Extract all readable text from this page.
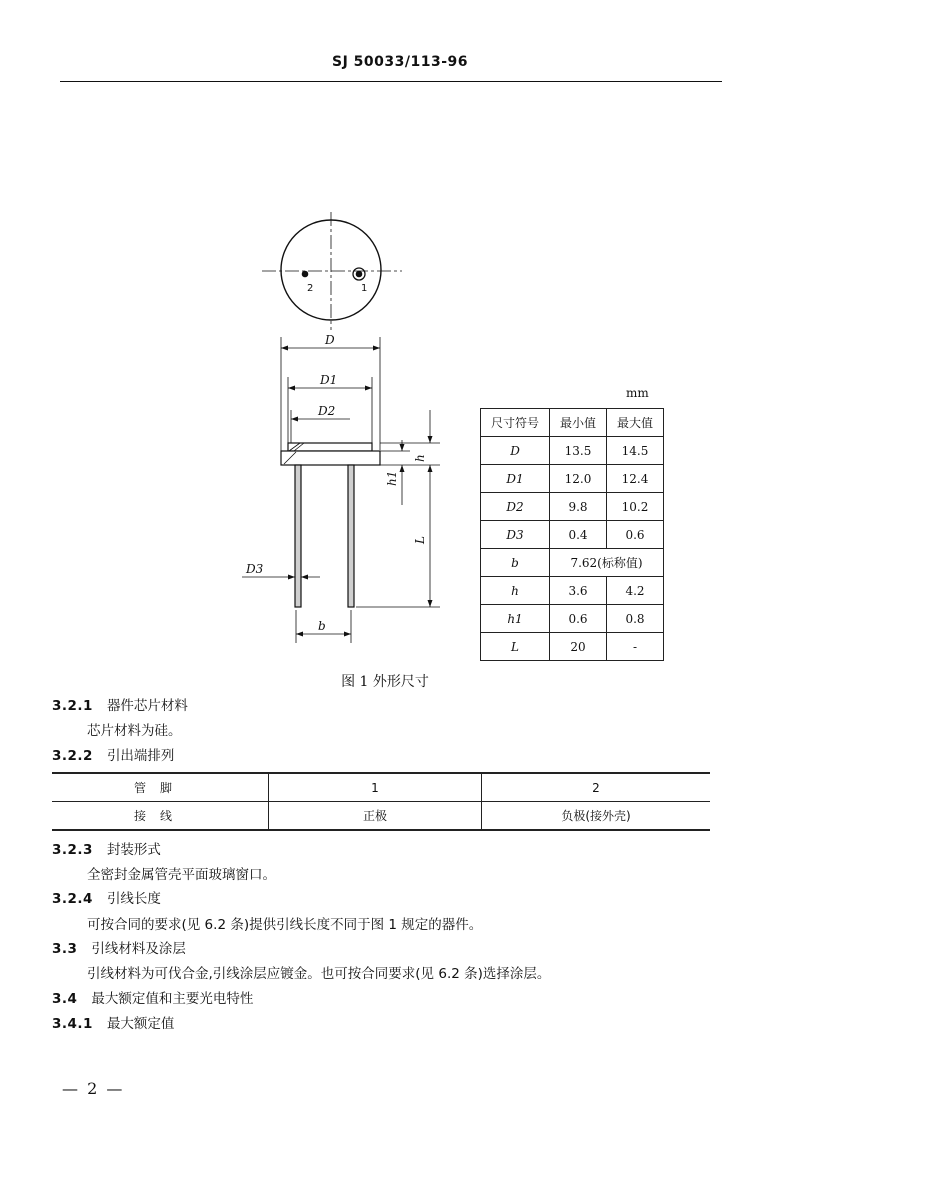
SJ 50033/113-96
2	1
D
D1
D2
D3
b
h
h1
L
mm
尺寸符号	最小值	最大值
D	13.5	14.5
D1	12.0	12.4
D2	9.8	10.2
D3	0.4	0.6
b	7.62(标称值)	
h	3.6	4.2
h1	0.6	0.8
L	20	-
图 1 外形尺寸
3.2.1 器件芯片材料
芯片材料为硅。
3.2.2 引出端排列
管脚	1	2
接线	正极	负极(接外壳)
3.2.3 封装形式
全密封金属管壳平面玻璃窗口。
3.2.4 引线长度
可按合同的要求(见 6.2 条)提供引线长度不同于图 1 规定的器件。
3.3 引线材料及涂层
引线材料为可伐合金,引线涂层应镀金。也可按合同要求(见 6.2 条)选择涂层。
3.4 最大额定值和主要光电特性
3.4.1 最大额定值
— 2 —
